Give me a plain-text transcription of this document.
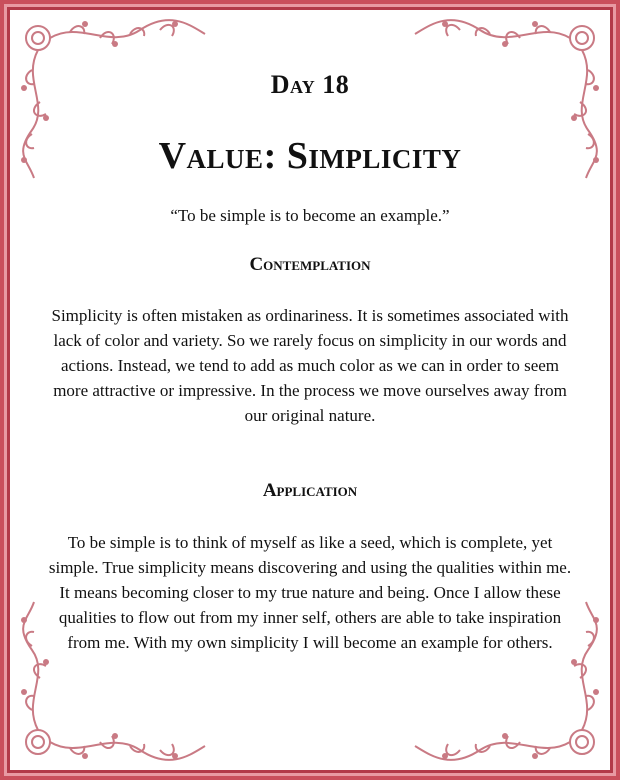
Day 18
Value: Simplicity

“To be simple is to become an example.”

Contemplation

Simplicity is often mistaken as ordinariness. It is sometimes associated with lack of color and variety. So we rarely focus on simplicity in our words and actions. Instead, we tend to add as much color as we can in order to seem more attractive or impressive. In the process we move ourselves away from our original nature.

Application

To be simple is to think of myself as like a seed, which is complete, yet simple. True simplicity means discovering and using the qualities within me. It means becoming closer to my true nature and being. Once I allow these qualities to flow out from my inner self, others are able to take inspiration from me. With my own simplicity I will become an example for others.
